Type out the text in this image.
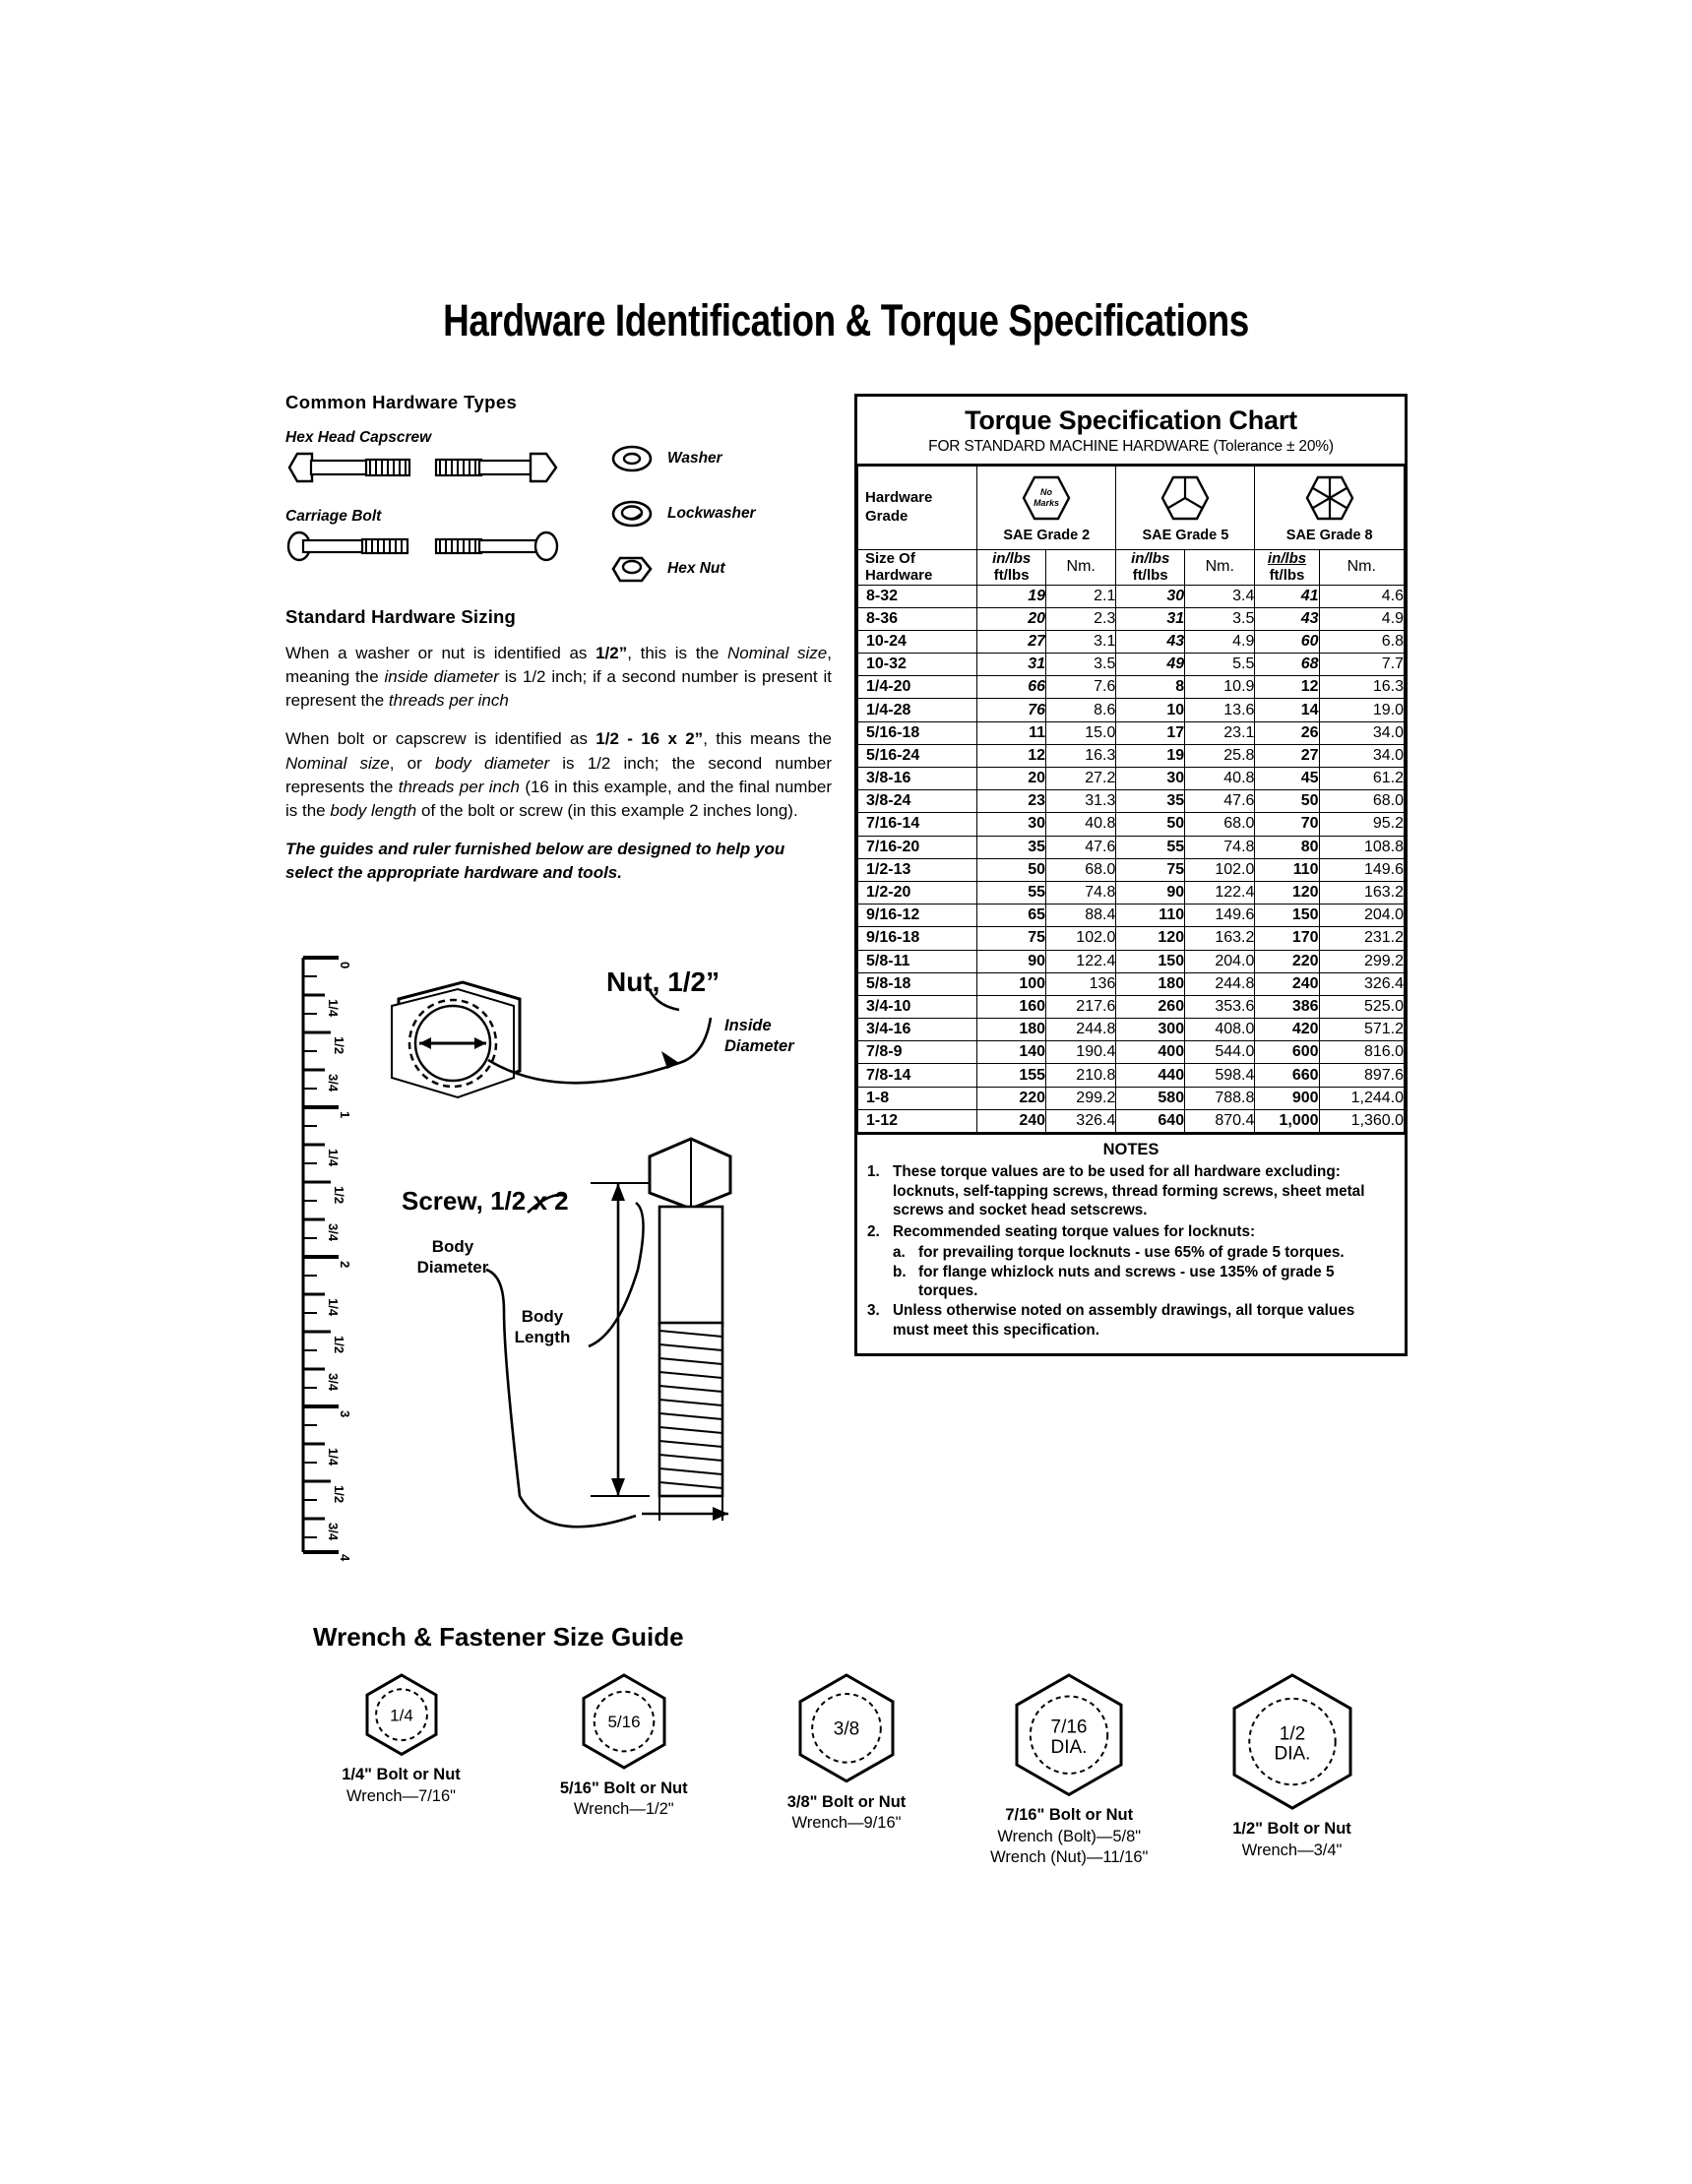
Hardware Identification & Torque Specifications
Common Hardware Types
Hex Head Capscrew
Carriage Bolt
Washer
Lockwasher
Hex Nut
Standard Hardware Sizing

When a washer or nut is identified as 1/2”, this is the Nominal size, meaning the inside diameter is 1/2 inch; if a second number is present it represent the threads per inch

When bolt or capscrew is identified as 1/2 - 16 x 2”, this means the Nominal size, or body diameter is 1/2 inch; the second number represents the threads per inch (16 in this example, and the final number is the body length of the bolt or screw (in this example 2 inches long).

The guides and ruler furnished below are designed to help you select the appropriate hardware and tools.

0
1/4
1/2
3/4
1
1/4
1/2
3/4
2
1/4
1/2
3/4
3
1/4
1/2
3/4
4
Nut, 1/2”
Inside
Diameter
Screw, 1/2 x 2
Body
Diameter
Body
Length
Torque Specification Chart
FOR STANDARD MACHINE HARDWARE (Tolerance ± 20%)
Hardware
Grade	No
Marks
SAE Grade 2		SAE Grade 5		SAE Grade 8	

Size Of
Hardware	in/lbs
ft/lbs	Nm.	in/lbs
ft/lbs	Nm.	in/lbs
ft/lbs	Nm.
8-32	19	2.1	30	3.4	41	4.6
8-36	20	2.3	31	3.5	43	4.9
10-24	27	3.1	43	4.9	60	6.8
10-32	31	3.5	49	5.5	68	7.7
1/4-20	66	7.6	8	10.9	12	16.3
1/4-28	76	8.6	10	13.6	14	19.0
5/16-18	11	15.0	17	23.1	26	34.0
5/16-24	12	16.3	19	25.8	27	34.0
3/8-16	20	27.2	30	40.8	45	61.2
3/8-24	23	31.3	35	47.6	50	68.0
7/16-14	30	40.8	50	68.0	70	95.2
7/16-20	35	47.6	55	74.8	80	108.8
1/2-13	50	68.0	75	102.0	110	149.6
1/2-20	55	74.8	90	122.4	120	163.2
9/16-12	65	88.4	110	149.6	150	204.0
9/16-18	75	102.0	120	163.2	170	231.2
5/8-11	90	122.4	150	204.0	220	299.2
5/8-18	100	136	180	244.8	240	326.4
3/4-10	160	217.6	260	353.6	386	525.0
3/4-16	180	244.8	300	408.0	420	571.2
7/8-9	140	190.4	400	544.0	600	816.0
7/8-14	155	210.8	440	598.4	660	897.6
1-8	220	299.2	580	788.8	900	1,244.0
1-12	240	326.4	640	870.4	1,000	1,360.0
NOTES
1. These torque values are to be used for all hardware excluding: locknuts, self-tapping screws, thread forming screws, sheet metal screws and socket head setscrews.
2. Recommended seating torque values for locknuts:
a. for prevailing torque locknuts - use 65% of grade 5 torques.
b. for flange whizlock nuts and screws - use 135% of grade 5 torques.
3. Unless otherwise noted on assembly drawings, all torque values must meet this specification.
Wrench & Fastener Size Guide
1/4
1/4" Bolt or Nut
Wrench—7/16"
5/16
5/16" Bolt or Nut
Wrench—1/2"
3/8
3/8" Bolt or Nut
Wrench—9/16"
7/16
DIA.
7/16" Bolt or Nut
Wrench (Bolt)—5/8"
Wrench (Nut)—11/16"
1/2
DIA.
1/2" Bolt or Nut
Wrench—3/4"
